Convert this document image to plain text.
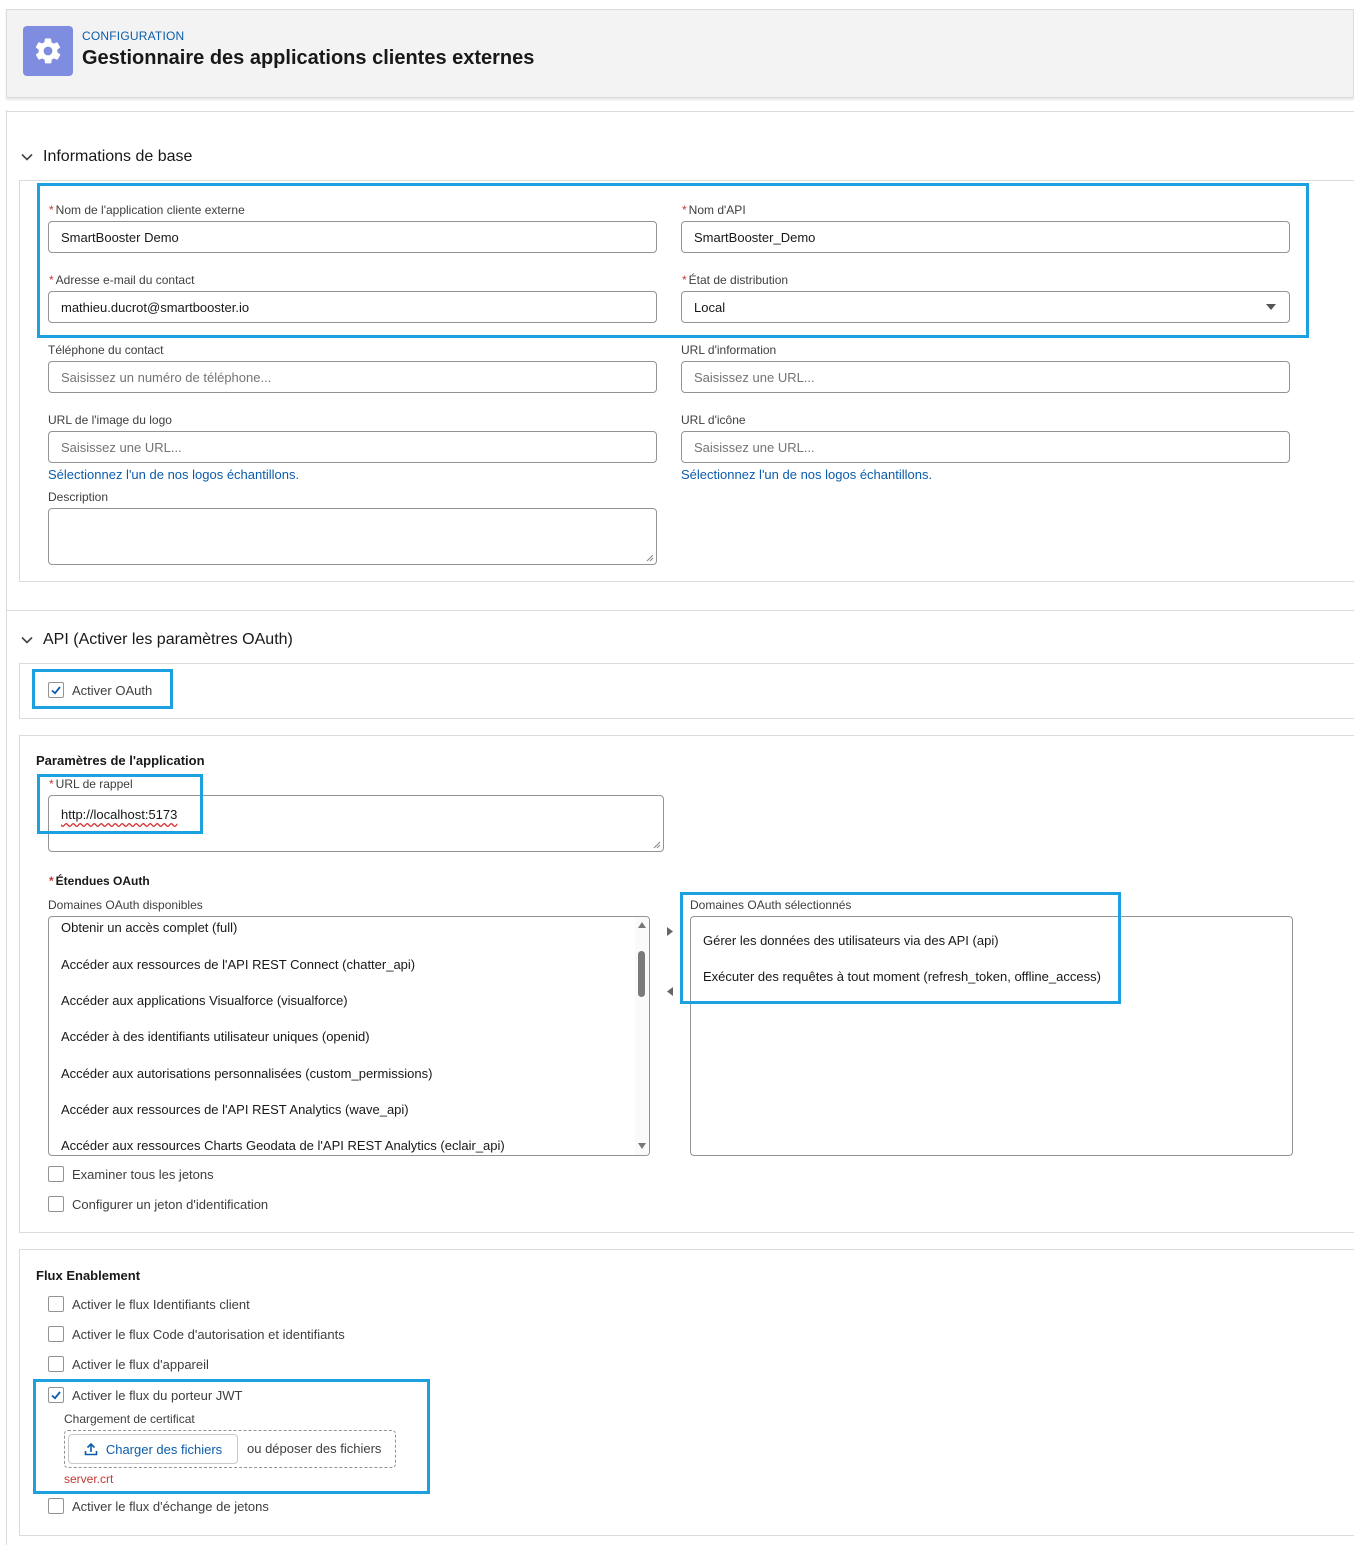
CONFIGURATION
Gestionnaire des applications clientes externes
Informations de base
* Nom de l'application cliente externe
SmartBooster Demo
* Nom d'API
SmartBooster_Demo
* Adresse e-mail du contact
mathieu.ducrot@smartbooster.io
* État de distribution
Local
Téléphone du contact
Saisissez un numéro de téléphone...
URL d'information
Saisissez une URL...
URL de l'image du logo
Saisissez une URL...
Sélectionnez l'un de nos logos échantillons.
URL d'icône
Saisissez une URL...
Sélectionnez l'un de nos logos échantillons.
Description
API (Activer les paramètres OAuth)
Activer OAuth
Paramètres de l'application
* URL de rappel
http://localhost:5173
* Étendues OAuth
Domaines OAuth disponibles
Obtenir un accès complet (full)
Accéder aux ressources de l'API REST Connect (chatter_api)
Accéder aux applications Visualforce (visualforce)
Accéder à des identifiants utilisateur uniques (openid)
Accéder aux autorisations personnalisées (custom_permissions)
Accéder aux ressources de l'API REST Analytics (wave_api)
Accéder aux ressources Charts Geodata de l'API REST Analytics (eclair_api)
Domaines OAuth sélectionnés
Gérer les données des utilisateurs via des API (api)
Exécuter des requêtes à tout moment (refresh_token, offline_access)
Examiner tous les jetons
Configurer un jeton d'identification
Flux Enablement
Activer le flux Identifiants client
Activer le flux Code d'autorisation et identifiants
Activer le flux d'appareil
Activer le flux du porteur JWT
Chargement de certificat
Charger des fichiers ou déposer des fichiers
server.crt
Activer le flux d'échange de jetons
